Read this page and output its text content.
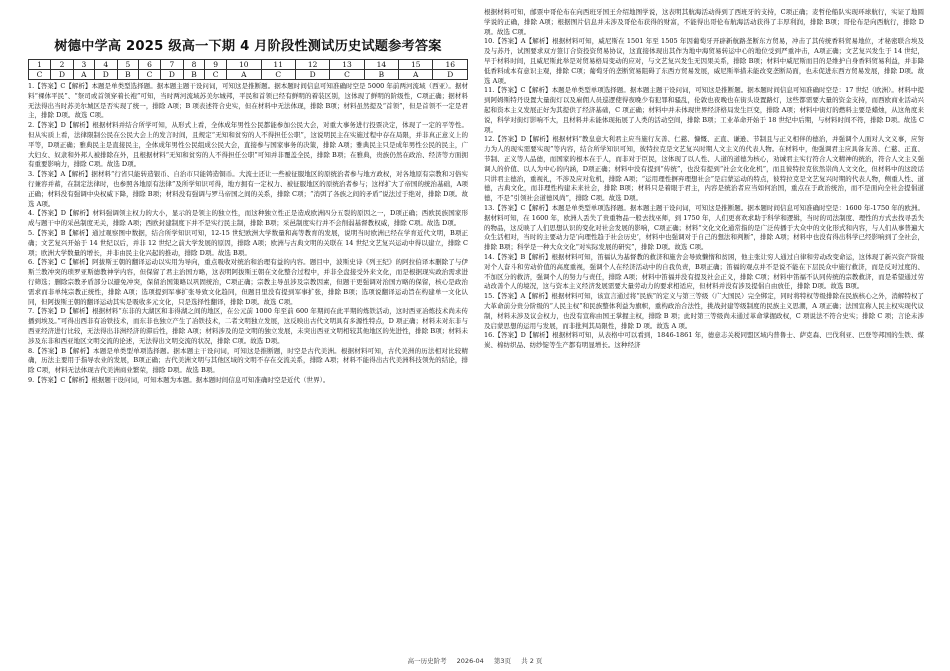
树德中学高 2025 级高一下期 4 月阶段性测试历史试题参考答案
1	2	3	4	5	6	7	8	9	10	11	12	13	14	15	16
C	D	A	D	B	C	D	B	C	A	C	D	C	B	A	D

1.【答案】C【解析】本题是单类型选择题。据本题主题干设问词，可知这是推断题。据本题时间信息可知准确时空是 5000 年前两河流域（西亚）。据材料“裸体平民”、“祭司或首领穿着长袍”可知，当时两河流域苏美尔城邦，平民和首领已经有鲜明的着装区别，这体现了鲜明的阶级性，C项正确；据材料无法得出当时苏美尔城区是否实现了统一，排除 A项；B 项表述符合史实，但在材料中无法体现，排除 B项；材料虽然提及“首领”，但是首领不一定是君主，排除 D项。故选 C项。

2.【答案】D【解析】根据材料并结合所学可知，从形式上看，全体成年男性公民都能参加公民大会，对重大事务进行投票决定，体现了一定的平等性。但从实质上看，法律限制公民在公民大会上的发言时间，且规定“无知和贫穷的人不得担任公职”，这说明民主在实施过程中存在局限，并非真正意义上的平等，D项正确；雅典民主是直接民主，全体成年男性公民组成公民大会，直接参与国家事务的决策，排除 A项；雅典民主只是成年男性公民的民主，广大妇女、奴隶和外邦人被排除在外，且根据材料“无知和贫穷的人不得担任公职”可知并非覆盖全民，排除 B项；在雅典，贵族仍然在政治、经济等方面拥有重要影响力，排除 C项。故选 D项。

3.【答案】A【解析】据材料“行省只能转造银币、自治市只能铸造铜币。大流士还让一些被征服地区的原统治者参与地方政权，对各地原有宗教和习俗实行兼容并蓄，在制定法律时，也参照各地原有法律”及所学知识可得，地方拥有一定权力、被征服地区的原统治者参与；这样扩大了帝国的统治基础，A项正确；材料没有强调中央权威下降，排除 B项；材料没有强调与罗马帝国之间的关系，排除 C项；“消弭了各族之间的矛盾”说法过于绝对，排除 D项。故选 A项。

4.【答案】D【解析】材料强调领主权力的大小，显示的是领主的独立性，而这种独立性正是造成欧洲四分五裂的原因之一，D项正确；西欧民族国家形成与题干中的采邑制度无关，排除 A项；西欧封建制度下并不是实行民主制，排除 B项；采邑制度实行并不会削弱基督教权威，排除 C项。故选 D项。

5.【答案】B【解析】通过观察图中数据，结合所学知识可知，12-15 世纪欧洲大学数量和高等教育的发展，说明当时欧洲已经在学育近代文明，B项正确；文艺复兴开始于 14 世纪以后，并非 12 世纪之前大学发展的原因，排除 A项；欧洲与古典文明的关联在 14 世纪文艺复兴运动中得以建立，排除 C项；欧洲大学数量的增长，并非由民主化兴起的推动，排除 D项。故选 B项。

6.【答案】C【解析】阿拔斯王朝的翻译运动以实用为导向，重点吸收对统治和治理有益的内容。题目中，波斯史诗《列王纪》的阿拉伯译本删除了与伊斯兰教冲突的琐罗亚斯德教神学内容，但保留了君主治国方略，这表明阿拔斯王朝在文化整合过程中，并非全盘接受外来文化，而是根据现实政治需求进行筛选；删除宗教矛盾部分以避免冲突，保留治国策略以巩固统治，C项正确；宗教主导虽涉及宗教因素，但题干更强调对治国方略的保留，核心是政治需求而非单纯宗教正统性，排除 A项；选项提到军事扩张导致文化趋同，但题目里没有提到军事扩张，排除 B项；选项说翻译运动旨在构建单一文化认同，但阿拔斯王朝的翻译运动其实是吸收多元文化，只是选择性翻译，排除 D项。故选 C项。

7.【答案】D【解析】根据材料“东非的大湖区和非得湖之间的地区，在公元前 1000 年至前 600 年期间在此平期的炼铁活动，这时西亚冶炼技术尚未传播到埃及。”可得出西非有冶铁技术，而东非也独立产生了冶铁技术，二者文明独立发展，这反映出古代文明具有多源性特点，D 项正确；材料未对东非与西亚经济进行比较，无法得出非洲经济的滞后性，排除 A项；材料涉及的是文明的独立发展，未突出西亚文明相较其他地区的先进性，排除 B项；材料未涉及东非和西亚地区文明交流的论述，无法得出文明交流的状况，排除 C项。故选 D项。

8.【答案】B【解析】本题是单类型单项选择题。据本题主干设问词，可知这是推断题，时空是古代美洲。根据材料可知，古代美洲的历法相对比较精确，历法主要用于指导农业的发展，B项正确；古代美洲文明与其他区域的文明不存在交流关系，排除 A项；材料不能得出古代美洲科技领先的结论，排除 C项，材料无法体现古代美洲商业繁荣，排除 D项。故选 B项。

9.【答案】C【解析】根据题干设问词，可知本题为本题。据本题时间信息可知准确时空是近代（世界）。

根据材料可知，邮票中哥伦布在向西班牙国王介绍地图学说，这表明其航海活动得到了西班牙的支持，C项正确；麦哲伦船队实现环球航行，实证了地圆学说的正确，排除 A项；根据图片信息并未涉及哥伦布获得的财富，不能得出哥伦布航海活动获得了丰厚利润，排除 B项；哥伦布是向西航行，排除 D项。故选 C项。

10.【答案】A【解析】根据材料可知，威尼斯在 1501 年至 1505 年因葡萄牙开辟新航路垄断东方贸易，冲击了其传统香料贸易地位，才秘密联合埃及及与苏丹，试图要求双方签订合资投资贸易协议，这直接体现出其作为地中海贸易转运中心的地位受到严重冲击，A项正确；文艺复兴发生于 14 世纪，早于材料时间，且威尼斯此举是对贸易格局变动的应对，与文艺复兴发生无因果关系，排除 B项；材料中威尼斯而目的是维护自身香料贸易利益，并非降低香料成本有意识主观，排除 C项；葡萄牙的垄断贸易阻碍了东西方贸易发展，威尼斯举措未能改变垄断局面，也未促进东西方贸易发展，排除 D项。故选 A项。

11.【答案】C【解析】本题是单类型单项选择题。据本题主题干设问词，可知这是推断题。据本题时间信息可知准确时空是：17 世纪（欧洲）。材料中提到阿姆斯特丹设置大量街灯以及雇佣人员巡逻使得夜晚少有犯罪和骚乱，伦敦也夜晚也在街头设置路灯，这些都需要大量的资金支持，而西欧商业活动兴起和资本主义发展正好为其提供了经济基础，C 项正确；材料中并未体现世界经济格局发生巨变，排除 A项；材料中街灯的燃料主要是蜡烛，从这角度来说，科学对街灯影响不大，且材料并未能体现拓展了人类的活动空间，排除 B项；工业革命开始于 18 世纪中后期，与材料时间不符，排除 D项。故选 C项。

12.【答案】D【解析】根据材料“教皇意大利君主应当施行友善、仁慈、慷慨、正直、谦逊、节制且与正义相伴的德治，并强调个人面对人文义事，应努力为人的现实需要实现”等内容，结合所学知识可知，彼特拉克是文艺复兴时期人文主义的代表人物。在材料中，他强调君主应具备友善、仁慈、正直、节制、正义等人品德，而国家的根本在于人，而非对于臣民，这体现了以人性、人道的道德为核心，劝诫君主实行符合人文精神的统治，符合人文主义强调人的价值、以人为中心的内涵，D项正确；材料中没有提到“传统”，也没有提到“社会文化化机”，而且彼特拉克依然崇尚人文文化，但材料中的这段话只讲君主德治，重视礼，不涉及应对危机，排除 A项；“运用理性摒弃理想社会”是启蒙运动的特点，彼特拉克是文艺复兴时期的代表人物，侧重人性、道德，古典文化，而非理性构建未来社会，排除 B项；材料只是着眼于君主，内容是统治者应当如何治国，重点在于政治统治，而不是面向全社会提倡道德，不是“引领社会道德风尚”，排除 C项。故选 D项。

13.【答案】C【解析】本题是单类型单项选择题。据本题主题干设问词，可知这是推断题。据本题时间信息可知准确时空是：1600 年-1750 年的欧洲。据材料可知，在 1600 年，欧洲人丢失了贵重物品一般去找巫师，到 1750 年，人们更喜欢求助于科学和逻辑，当时的司法制度、理性的方式去找寻丢失的物品，这反映了人们思想认识的变化对社会发展的影响，C项正确；材料“文化文化通常指的是广泛传播于大众中的文化形式和内容，与人们从事普遍大众生活相对，当时的主要动力是‘向理性趋于社会历史’，材料中也强调对于自己的想法和判断”，排除 A项；材料中也没有得出科学已经影响到了全社会，排除 B项；科学是一种大众文化“对实际发展的研究”，排除 D项。故选 C项。

14.【答案】B【解析】根据材料可知，笛福认为基督教的救济和施舍会导致懒惰和贫困，他主张让穷人通过自律和劳动改变命运，这体现了新兴资产阶级对个人奋斗和劳动价值的高度重视，强调个人在经济活动中的自我负责，B项正确；笛福的观点并不是说不能在下层民众中施行救济，而是反对过度的、不加区分的救济，强调个人的努力与责任，排除 A项；材料中笛福并没有提及社会正义，排除 C项；材料中笛福不认同传统的宗教救济，而是希望通过劳动改善个人的境况，这与资本主义经济发展需要大量劳动力的要求相适应，但材料并没有涉及提倡自由放任，排除 D项。故选 B项。

15.【答案】A【解析】根据材料可知，该宣言通过将“民族”的定义与第三等级（广大国民）完全绑定，同时将特权等级排除在民族核心之外，消解特权了大革命前分贵分阶级的“人民主权”和民族整体利益为旗帜，重构政治合法性，挑战封建等级制度的民族主义思潮，A 项正确；法国宣称人民主权实现代议制，材料未涉及议会权力，也没有宣称由国王掌握主权，排除 B 项；此时第三等级尚未通过革命掌握政权，C 项说法不符合史实；排除 C 项；言论未涉及启蒙思想的运用与发展，而非批判其局限性，排除 D 项。故选 A 项。

16.【答案】D【解析】根据材料可知，从表格中可以看到，1846-1861 年，德意志关税同盟区域内普鲁士、萨克森、巴伐利亚、巴登等邦国的生铁、煤炭、棉纺织品、纺纱锭等生产都有明显增长。这种经济

高一历史阶考 2026-04 第3页 共 2 页
